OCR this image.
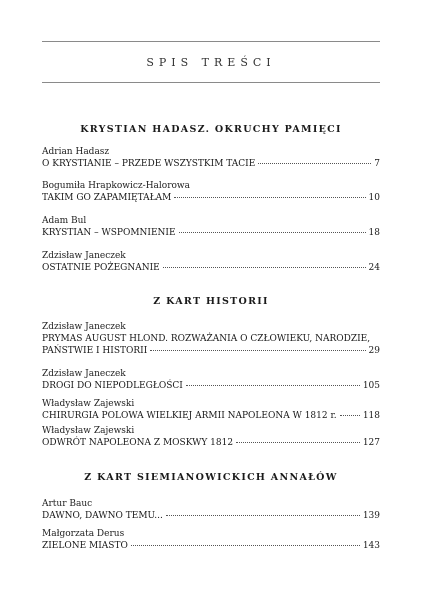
SPIS TREŚCI
KRYSTIAN HADASZ. OKRUCHY PAMIĘCI
Adrian Hadasz
O KRYSTIANIE – PRZEDE WSZYSTKIM TACIE	7
Bogumiła Hrapkowicz-Halorowa
TAKIM GO ZAPAMIĘTAŁAM	10
Adam Bul
KRYSTIAN – WSPOMNIENIE	18
Zdzisław Janeczek
OSTATNIE POŻEGNANIE	24
Z KART HISTORII
Zdzisław Janeczek
PRYMAS AUGUST HLOND. ROZWAŻANIA O CZŁOWIEKU, NARODZIE,
PAŃSTWIE I HISTORII	29
Zdzisław Janeczek
DROGI DO NIEPODLEGŁOŚCI	105
Władysław Zajewski
CHIRURGIA POLOWA WIELKIEJ ARMII NAPOLEONA W 1812 r.	118
Władysław Zajewski
ODWRÓT NAPOLEONA Z MOSKWY 1812	127
Z KART SIEMIANOWICKICH ANNAŁÓW
Artur Bauc
DAWNO, DAWNO TEMU...	139
Małgorzata Derus
ZIELONE MIASTO	143
